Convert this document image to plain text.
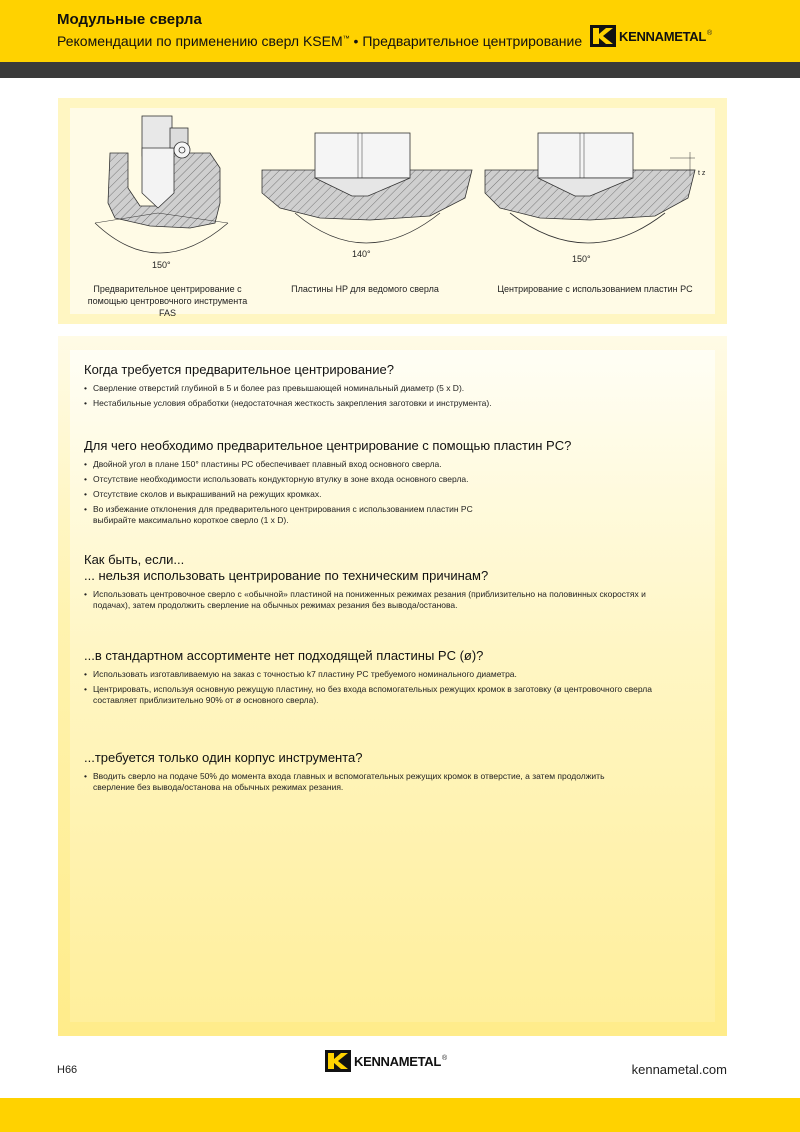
Модульные сверла
Рекомендации по применению сверл KSEM™ • Предварительное центрирование	KENNAMETAL ®
150°
140°	150°
t z
Предварительное центрирование с помощью центровочного инструмента FAS
Пластины HP для ведомого сверла	Центрирование с использованием пластин PC
Когда требуется предварительное центрирование?
• Сверление отверстий глубиной в 5 и более раз превышающей номинальный диаметр (5 x D).
• Нестабильные условия обработки (недостаточная жесткость закрепления заготовки и инструмента).
Для чего необходимо предварительное центрирование с помощью пластин PC?
• Двойной угол в плане 150° пластины PC обеспечивает плавный вход основного сверла.
• Отсутствие необходимости использовать кондукторную втулку в зоне входа основного сверла.
• Отсутствие сколов и выкрашиваний на режущих кромках.
• Во избежание отклонения для предварительного центрирования с использованием пластин PC выбирайте максимально короткое сверло (1 x D).
Как быть, если...
... нельзя использовать центрирование по техническим причинам?
• Использовать центровочное сверло с «обычной» пластиной на пониженных режимах резания (приблизительно на половинных скоростях и подачах), затем продолжить сверление на обычных режимах резания без вывода/останова.
...в стандартном ассортименте нет подходящей пластины PC (ø)?
• Использовать изготавливаемую на заказ с точностью k7 пластину PC требуемого номинального диаметра.
• Центрировать, используя основную режущую пластину, но без входа вспомогательных режущих кромок в заготовку (ø центровочного сверла составляет приблизительно 90% от ø основного сверла).
...требуется только один корпус инструмента?
• Вводить сверло на подаче 50% до момента входа главных и вспомогательных режущих кромок в отверстие, а затем продолжить сверление без вывода/останова на обычных режимах резания.
H66
KENNAMETAL ®
kennametal.com
